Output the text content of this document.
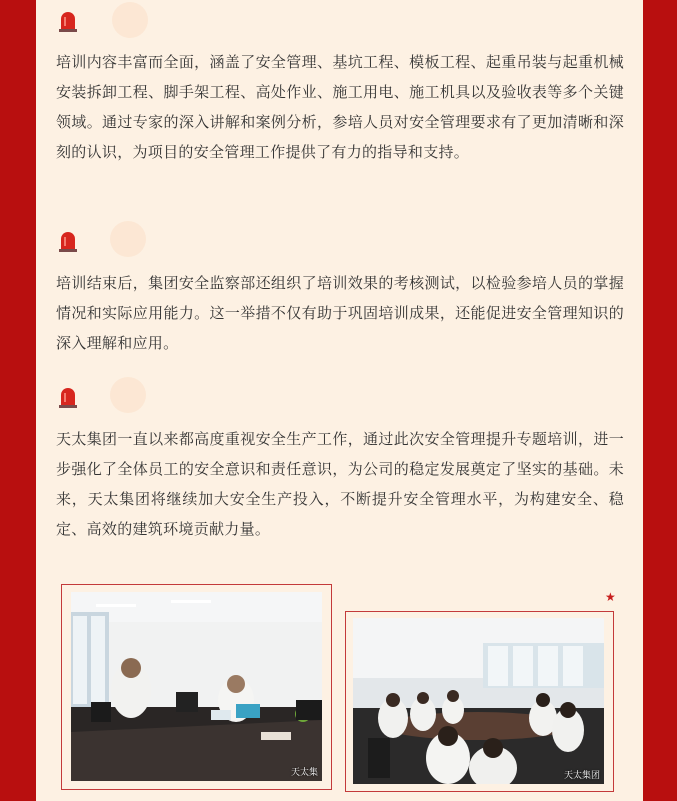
培训内容丰富而全面，涵盖了安全管理、基坑工程、模板工程、起重吊装与起重机械安装拆卸工程、脚手架工程、高处作业、施工用电、施工机具以及验收表等多个关键领域。通过专家的深入讲解和案例分析，参培人员对安全管理要求有了更加清晰和深刻的认识，为项目的安全管理工作提供了有力的指导和支持。
培训结束后，集团安全监察部还组织了培训效果的考核测试，以检验参培人员的掌握情况和实际应用能力。这一举措不仅有助于巩固培训成果，还能促进安全管理知识的深入理解和应用。
天太集团一直以来都高度重视安全生产工作，通过此次安全管理提升专题培训，进一步强化了全体员工的安全意识和责任意识，为公司的稳定发展奠定了坚实的基础。未来，天太集团将继续加大安全生产投入，不断提升安全管理水平，为构建安全、稳定、高效的建筑环境贡献力量。
天太集
★
天太集团
